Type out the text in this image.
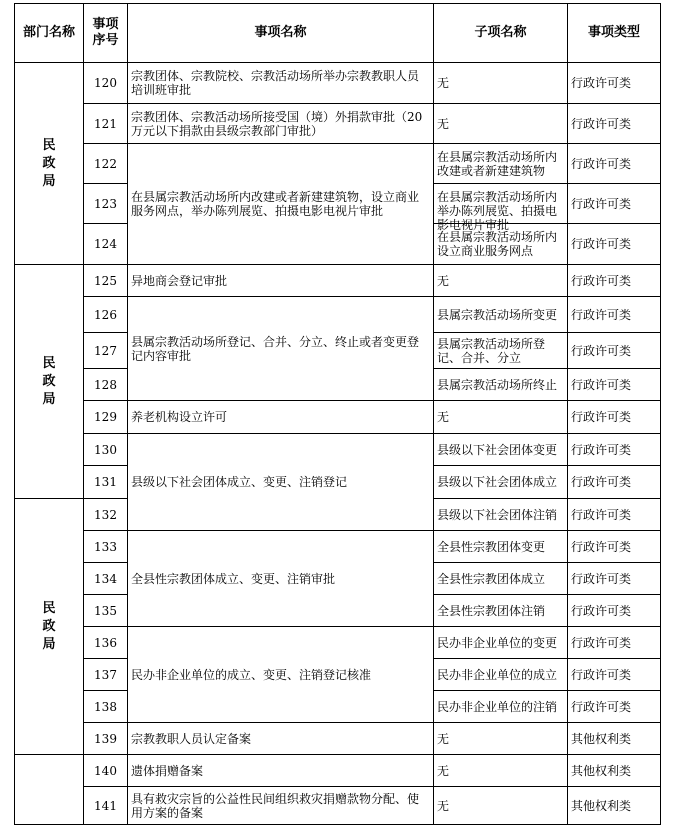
部门名称	事项序号	事项名称	子项名称	事项类型
民政局	120	宗教团体、宗教院校、宗教活动场所举办宗教教职人员培训班审批	无	行政许可类
	121	宗教团体、宗教活动场所接受国（境）外捐款审批（20万元以下捐款由县级宗教部门审批）	无	行政许可类
	122	在县属宗教活动场所内改建或者新建建筑物，设立商业服务网点，举办陈列展览、拍摄电影电视片审批	在县属宗教活动场所内改建或者新建建筑物	行政许可类
	123		在县属宗教活动场所内举办陈列展览、拍摄电影电视片审批	行政许可类
	124		在县属宗教活动场所内设立商业服务网点	行政许可类
民政局	125	异地商会登记审批	无	行政许可类
	126	县属宗教活动场所登记、合并、分立、终止或者变更登记内容审批	县属宗教活动场所变更	行政许可类
	127		县属宗教活动场所登记、合并、分立	行政许可类
	128		县属宗教活动场所终止	行政许可类
	129	养老机构设立许可	无	行政许可类
	130	县级以下社会团体成立、变更、注销登记	县级以下社会团体变更	行政许可类
	131		县级以下社会团体成立	行政许可类
民政局	132		县级以下社会团体注销	行政许可类
	133	全县性宗教团体成立、变更、注销审批	全县性宗教团体变更	行政许可类
	134		全县性宗教团体成立	行政许可类
	135		全县性宗教团体注销	行政许可类
	136	民办非企业单位的成立、变更、注销登记核准	民办非企业单位的变更	行政许可类
	137		民办非企业单位的成立	行政许可类
	138		民办非企业单位的注销	行政许可类
	139	宗教教职人员认定备案	无	其他权利类
	140	遗体捐赠备案	无	其他权利类
	141	具有救灾宗旨的公益性民间组织救灾捐赠款物分配、使用方案的备案	无	其他权利类
